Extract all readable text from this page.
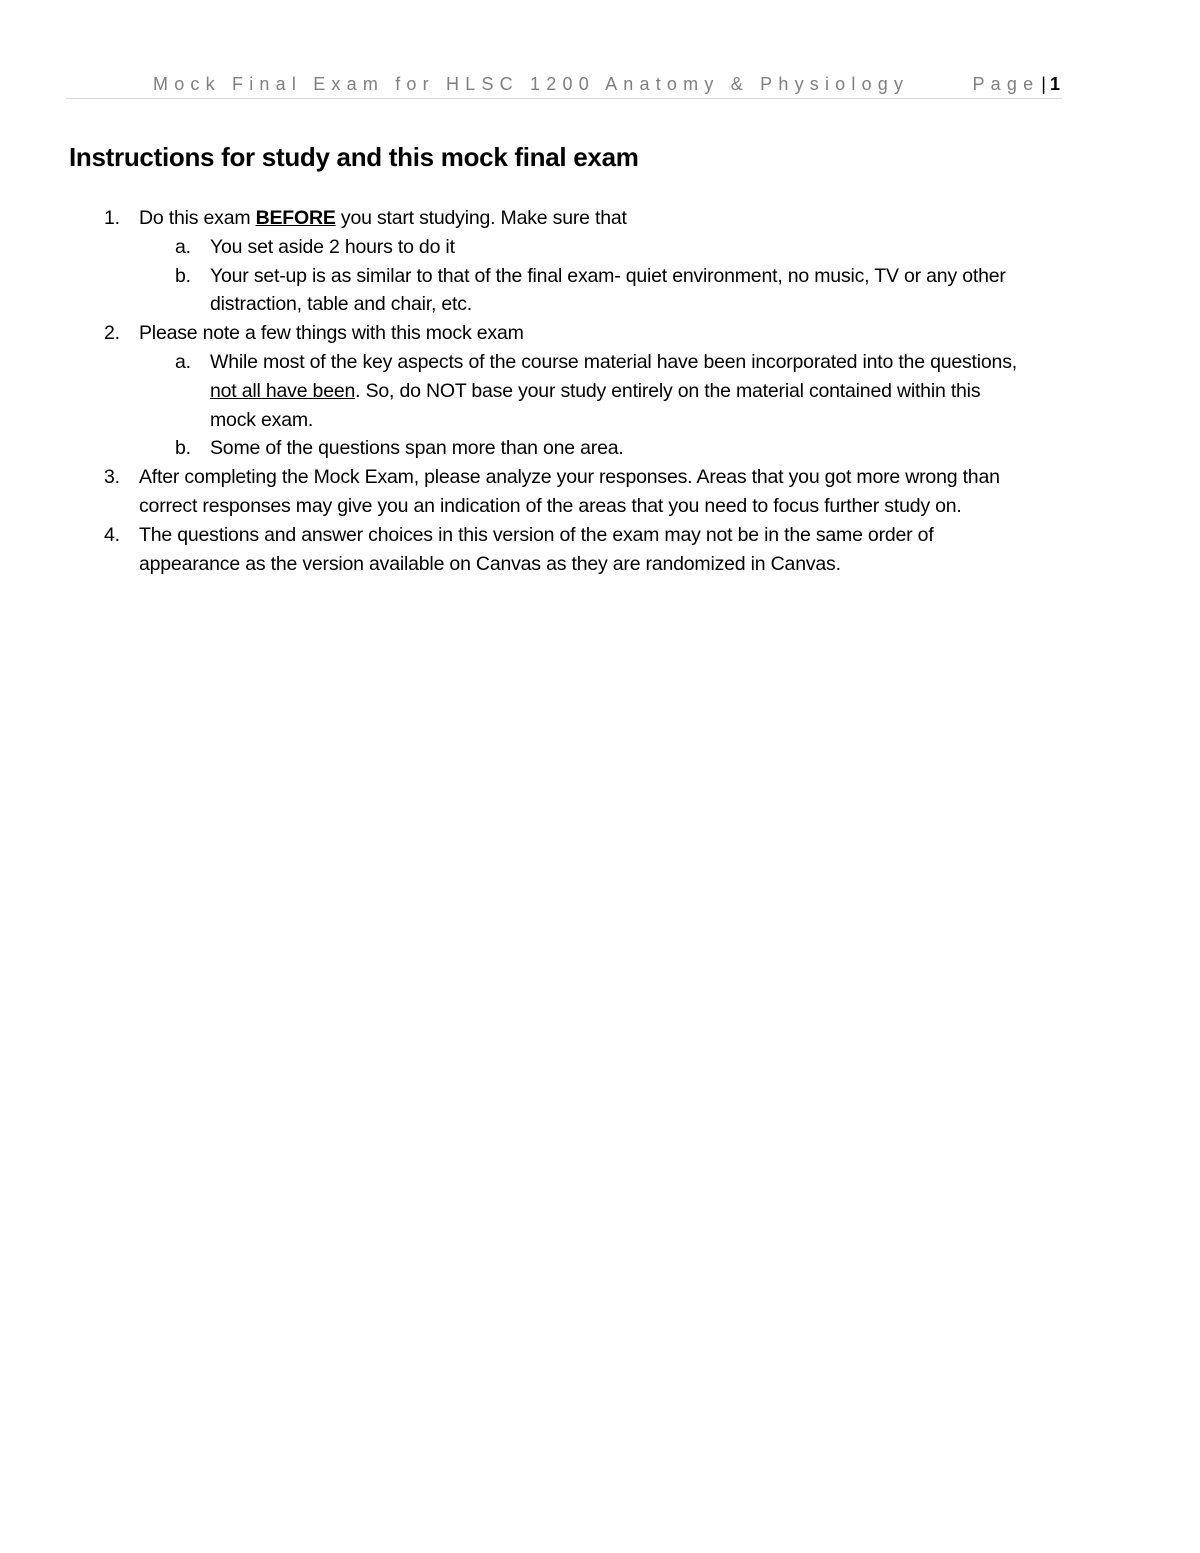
Mock Final Exam for HLSC 1200 Anatomy & Physiology	Page | 1
Instructions for study and this mock final exam
1. Do this exam BEFORE you start studying. Make sure that
a. You set aside 2 hours to do it
b. Your set-up is as similar to that of the final exam- quiet environment, no music, TV or any other distraction, table and chair, etc.
2. Please note a few things with this mock exam
a. While most of the key aspects of the course material have been incorporated into the questions, not all have been. So, do NOT base your study entirely on the material contained within this mock exam.
b. Some of the questions span more than one area.
3. After completing the Mock Exam, please analyze your responses. Areas that you got more wrong than correct responses may give you an indication of the areas that you need to focus further study on.
4. The questions and answer choices in this version of the exam may not be in the same order of appearance as the version available on Canvas as they are randomized in Canvas.
